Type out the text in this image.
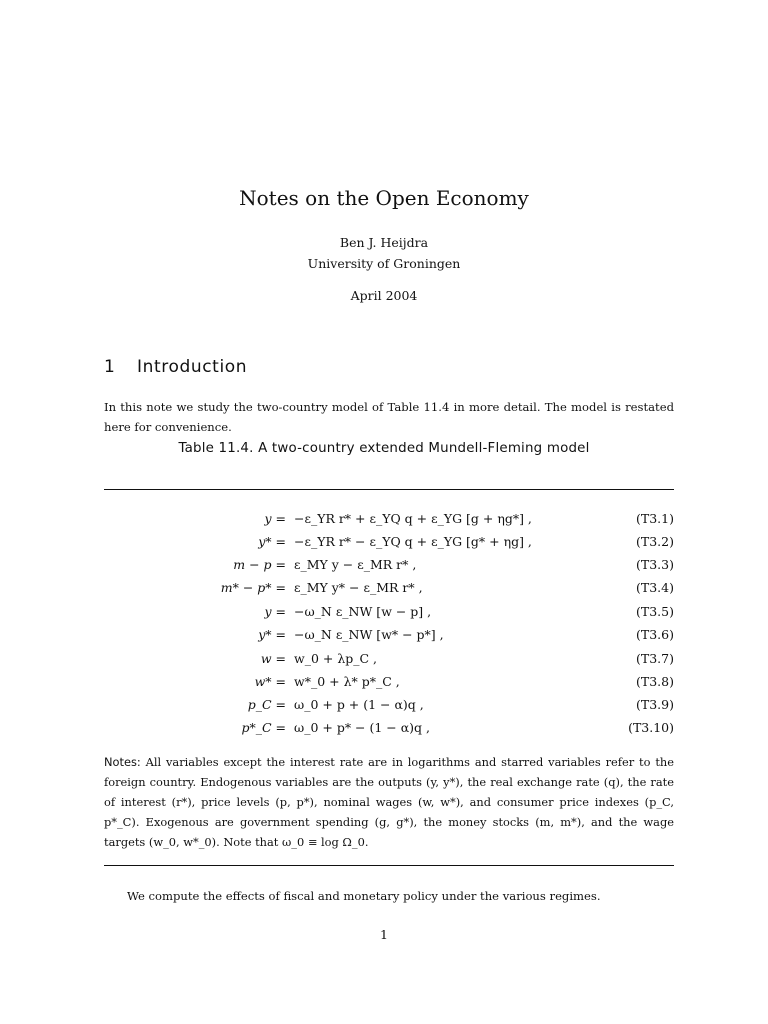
Notes on the Open Economy
Ben J. Heijdra
University of Groningen
April 2004
1 Introduction
In this note we study the two-country model of Table 11.4 in more detail. The model is restated here for convenience.
Table 11.4. A two-country extended Mundell-Fleming model
y = −ε_YR r* + ε_YQ q + ε_YG [g + ηg*] ,	(T3.1)
y* = −ε_YR r* − ε_YQ q + ε_YG [g* + ηg] ,	(T3.2)
m − p = ε_MY y − ε_MR r* ,	(T3.3)
m* − p* = ε_MY y* − ε_MR r* ,	(T3.4)
y = −ω_N ε_NW [w − p] ,	(T3.5)
y* = −ω_N ε_NW [w* − p*] ,	(T3.6)
w = w_0 + λp_C ,	(T3.7)
w* = w*_0 + λ* p*_C ,	(T3.8)
p_C = ω_0 + p + (1 − α)q ,	(T3.9)
p*_C = ω_0 + p* − (1 − α)q ,	(T3.10)
Notes: All variables except the interest rate are in logarithms and starred variables refer to the foreign country. Endogenous variables are the outputs (y, y*), the real exchange rate (q), the rate of interest (r*), price levels (p, p*), nominal wages (w, w*), and consumer price indexes (p_C, p*_C). Exogenous are government spending (g, g*), the money stocks (m, m*), and the wage targets (w_0, w*_0). Note that ω_0 ≡ log Ω_0.
We compute the effects of fiscal and monetary policy under the various regimes.
1
